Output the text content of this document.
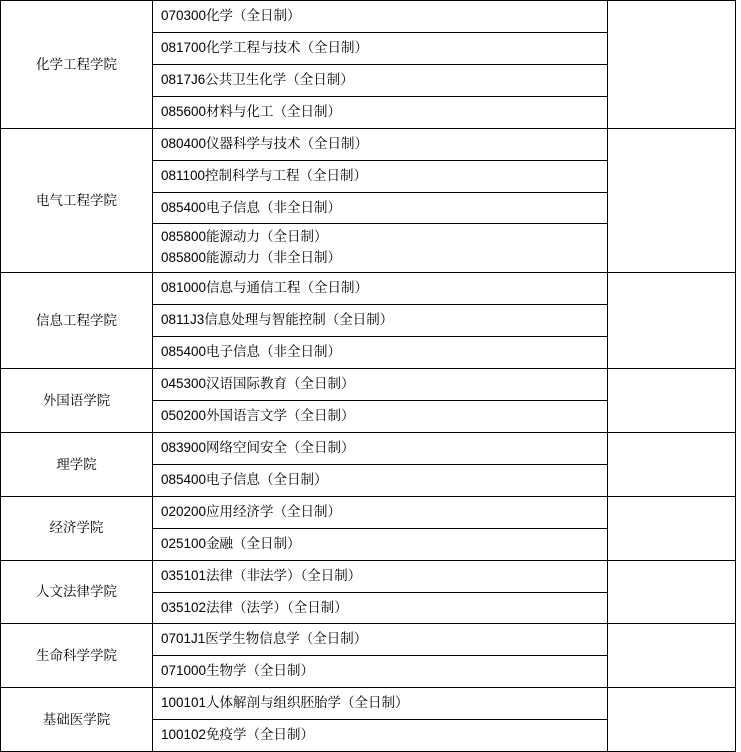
化学工程学院	070300化学（全日制）
081700化学工程与技术（全日制）
0817J6公共卫生化学（全日制）
085600材料与化工（全日制）	

电气工程学院	080400仪器科学与技术（全日制）
081100控制科学与工程（全日制）
085400电子信息（非全日制）
085800能源动力（全日制）
085800能源动力（非全日制）	

信息工程学院	081000信息与通信工程（全日制）
0811J3信息处理与智能控制（全日制）
085400电子信息（非全日制）	

外国语学院	045300汉语国际教育（全日制）
050200外国语言文学（全日制）	

理学院	083900网络空间安全（全日制）
085400电子信息（全日制）	

经济学院	020200应用经济学（全日制）
025100金融（全日制）	

人文法律学院	035101法律（非法学）（全日制）
035102法律（法学）（全日制）	

生命科学学院	0701J1医学生物信息学（全日制）
071000生物学（全日制）	

基础医学院	100101人体解剖与组织胚胎学（全日制）
100102免疫学（全日制）	
